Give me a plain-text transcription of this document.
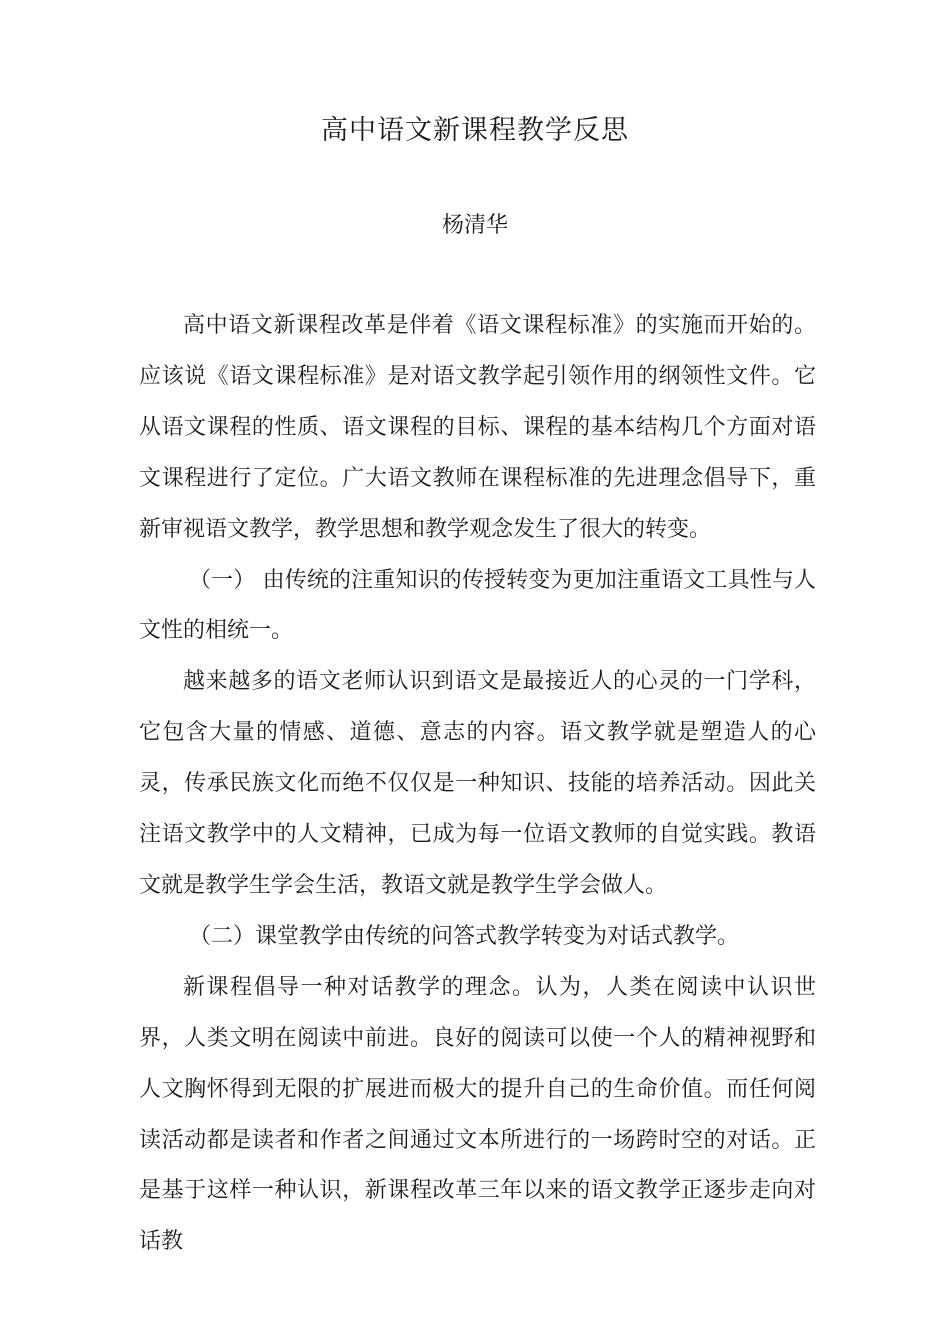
高中语文新课程教学反思
杨清华

高中语文新课程改革是伴着《语文课程标准》的实施而开始的。应该说《语文课程标准》是对语文教学起引领作用的纲领性文件。它从语文课程的性质、语文课程的目标、课程的基本结构几个方面对语文课程进行了定位。广大语文教师在课程标准的先进理念倡导下，重新审视语文教学，教学思想和教学观念发生了很大的转变。

（一） 由传统的注重知识的传授转变为更加注重语文工具性与人文性的相统一。

越来越多的语文老师认识到语文是最接近人的心灵的一门学科，它包含大量的情感、道德、意志的内容。语文教学就是塑造人的心灵，传承民族文化而绝不仅仅是一种知识、技能的培养活动。因此关注语文教学中的人文精神，已成为每一位语文教师的自觉实践。教语文就是教学生学会生活，教语文就是教学生学会做人。

（二）课堂教学由传统的问答式教学转变为对话式教学。

新课程倡导一种对话教学的理念。认为，人类在阅读中认识世界，人类文明在阅读中前进。良好的阅读可以使一个人的精神视野和人文胸怀得到无限的扩展进而极大的提升自己的生命价值。而任何阅读活动都是读者和作者之间通过文本所进行的一场跨时空的对话。正是基于这样一种认识，新课程改革三年以来的语文教学正逐步走向对话教
